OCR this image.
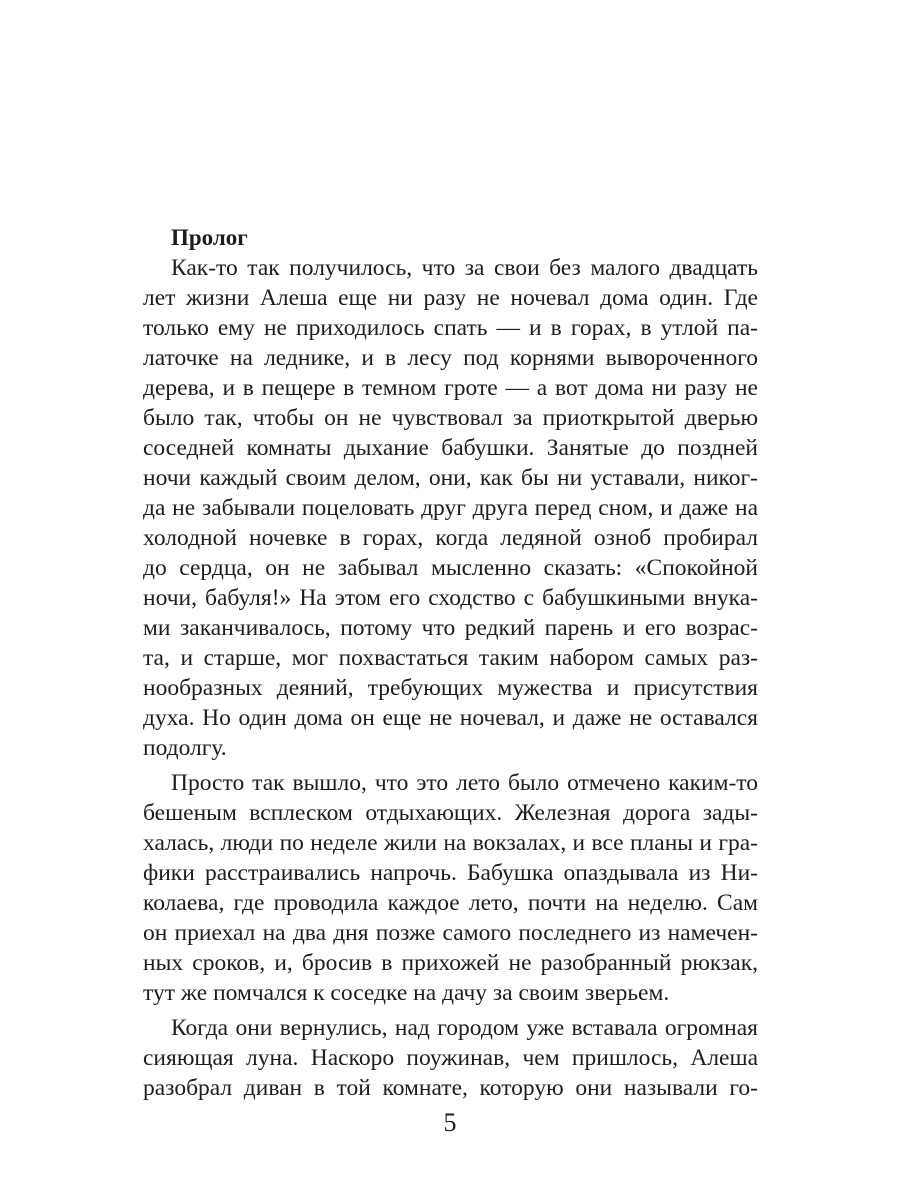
Пролог
Как-то так получилось, что за свои без малого двадцать
лет жизни Алеша еще ни разу не ночевал дома один. Где
только ему не приходилось спать — и в горах, в утлой па-
латочке на леднике, и в лесу под корнями вывороченного
дерева, и в пещере в темном гроте — а вот дома ни разу не
было так, чтобы он не чувствовал за приоткрытой дверью
соседней комнаты дыхание бабушки. Занятые до поздней
ночи каждый своим делом, они, как бы ни уставали, никог-
да не забывали поцеловать друг друга перед сном, и даже на
холодной ночевке в горах, когда ледяной озноб пробирал
до сердца, он не забывал мысленно сказать: «Спокойной
ночи, бабуля!» На этом его сходство с бабушкиными внука-
ми заканчивалось, потому что редкий парень и его возрас-
та, и старше, мог похвастаться таким набором самых раз-
нообразных деяний, требующих мужества и присутствия
духа. Но один дома он еще не ночевал, и даже не оставался
подолгу.
Просто так вышло, что это лето было отмечено каким-то
бешеным всплеском отдыхающих. Железная дорога зады-
халась, люди по неделе жили на вокзалах, и все планы и гра-
фики расстраивались напрочь. Бабушка опаздывала из Ни-
колаева, где проводила каждое лето, почти на неделю. Сам
он приехал на два дня позже самого последнего из намечен-
ных сроков, и, бросив в прихожей не разобранный рюкзак,
тут же помчался к соседке на дачу за своим зверьем.
Когда они вернулись, над городом уже вставала огромная
сияющая луна. Наскоро поужинав, чем пришлось, Алеша
разобрал диван в той комнате, которую они называли го-
5
